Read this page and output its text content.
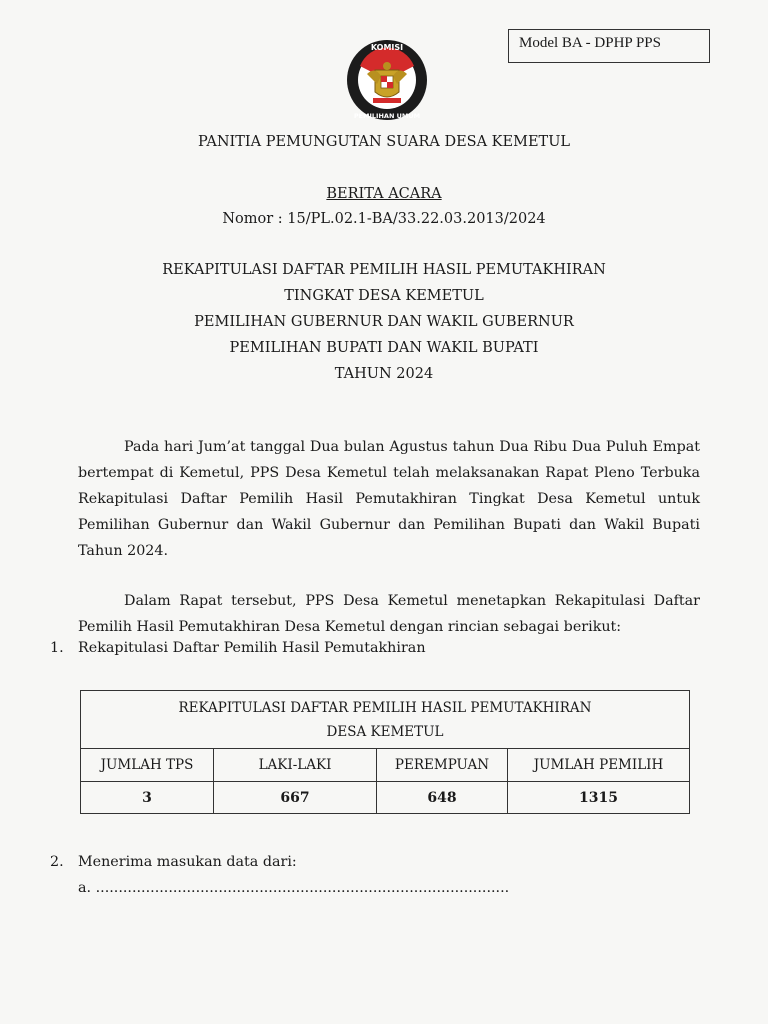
Model BA - DPHP PPS
KOMISI
PEMILIHAN UMUM
PANITIA PEMUNGUTAN SUARA DESA KEMETUL
BERITA ACARA
Nomor : 15/PL.02.1-BA/33.22.03.2013/2024
REKAPITULASI DAFTAR PEMILIH HASIL PEMUTAKHIRAN
TINGKAT DESA KEMETUL
PEMILIHAN GUBERNUR DAN WAKIL GUBERNUR
PEMILIHAN BUPATI DAN WAKIL BUPATI
TAHUN 2024
Pada hari Jum’at tanggal Dua bulan Agustus tahun Dua Ribu Dua Puluh Empat bertempat di Kemetul, PPS Desa Kemetul telah melaksanakan Rapat Pleno Terbuka Rekapitulasi Daftar Pemilih Hasil Pemutakhiran Tingkat Desa Kemetul untuk Pemilihan Gubernur dan Wakil Gubernur dan Pemilihan Bupati dan Wakil Bupati Tahun 2024.
Dalam Rapat tersebut, PPS Desa Kemetul menetapkan Rekapitulasi Daftar Pemilih Hasil Pemutakhiran Desa Kemetul dengan rincian sebagai berikut:
1. Rekapitulasi Daftar Pemilih Hasil Pemutakhiran
REKAPITULASI DAFTAR PEMILIH HASIL PEMUTAKHIRAN
DESA KEMETUL			

JUMLAH TPS	LAKI-LAKI	PEREMPUAN	JUMLAH PEMILIH
3	667	648	1315
2. Menerima masukan data dari:
a. ...........................................................................................
